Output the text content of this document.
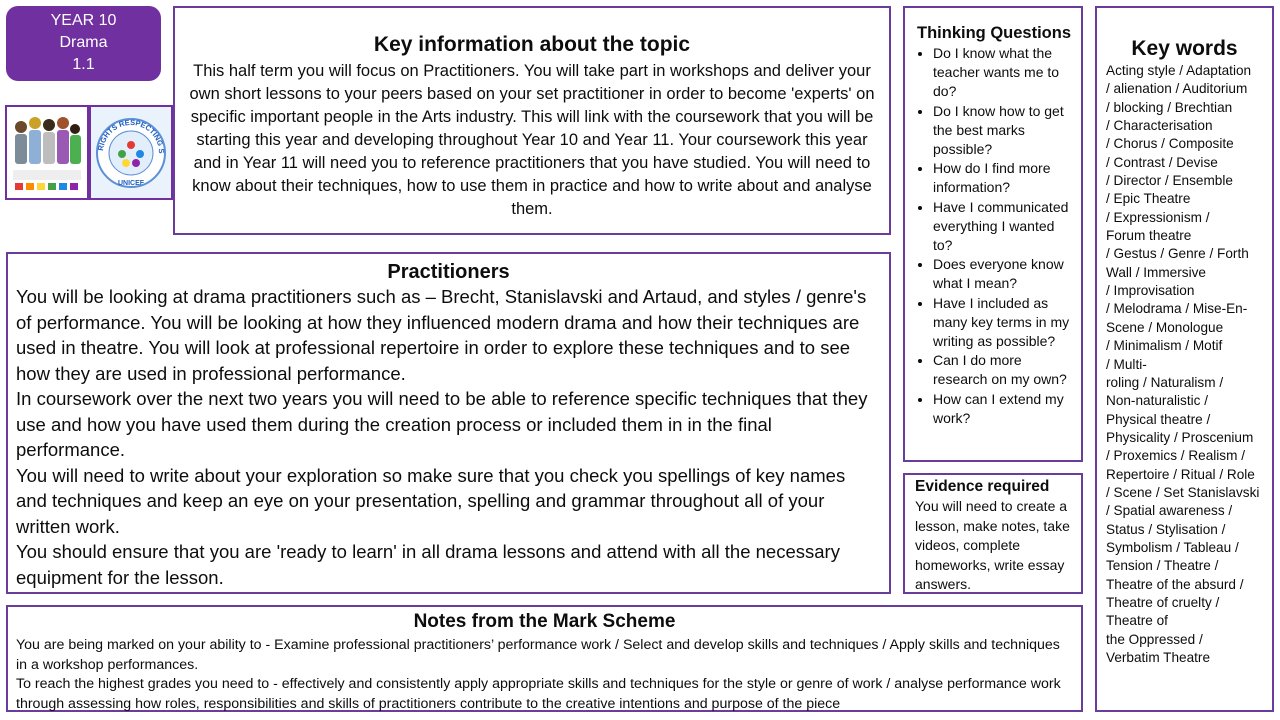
YEAR 10
Drama
1.1
RIGHTS RESPECTING S
UNICEF
Key information about the topic

This half term you will focus on Practitioners. You will take part in workshops and deliver your own short lessons to your peers based on your set practitioner in order to become 'experts' on specific important people in the Arts industry. This will link with the coursework that you will be starting this year and developing throughout Year 10 and Year 11. Your coursework this year and in Year 11 will need you to reference practitioners that you have studied. You will need to know about their techniques, how to use them in practice and how to write about and analyse them.

Practitioners
You will be looking at drama practitioners such as – Brecht, Stanislavski and Artaud, and styles / genre's of performance. You will be looking at how they influenced modern drama and how their techniques are used in theatre. You will look at professional repertoire in order to explore these techniques and to see how they are used in professional performance.
In coursework over the next two years you will need to be able to reference specific techniques that they use and how you have used them during the creation process or included them in in the final performance.
You will need to write about your exploration so make sure that you check you spellings of key names and techniques and keep an eye on your presentation, spelling and grammar throughout all of your written work.
You should ensure that you are 'ready to learn' in all drama lessons and attend with all the necessary equipment for the lesson.
Thinking Questions
• Do I know what the teacher wants me to do?
• Do I know how to get the best marks possible?
• How do I find more information?
• Have I communicated everything I wanted to?
• Does everyone know what I mean?
• Have I included as many key terms in my writing as possible?
• Can I do more research on my own?
• How can I extend my work?
Evidence required

You will need to create a lesson, make notes, take videos, complete homeworks, write essay answers.

Key words
Acting style / Adaptation
/ alienation / Auditorium
/ blocking / Brechtian
/ Characterisation
/ Chorus / Composite
/ Contrast / Devise
/ Director / Ensemble
/ Epic Theatre
/ Expressionism /
Forum theatre
/ Gestus / Genre / Forth
Wall / Immersive
/ Improvisation
/ Melodrama / Mise-En-
Scene / Monologue
/ Minimalism / Motif
/ Multi-
roling / Naturalism /
Non-naturalistic /
Physical theatre /
Physicality / Proscenium
/ Proxemics / Realism /
Repertoire / Ritual / Role
/ Scene / Set Stanislavski
/ Spatial awareness /
Status / Stylisation /
Symbolism / Tableau /
Tension / Theatre /
Theatre of the absurd /
Theatre of cruelty /
Theatre of
the Oppressed /
Verbatim Theatre
Notes from the Mark Scheme

You are being marked on your ability to - Examine professional practitioners’ performance work / Select and develop skills and techniques / Apply skills and techniques in a workshop performances.

To reach the highest grades you need to - effectively and consistently apply appropriate skills and techniques for the style or genre of work / analyse performance work through assessing how roles, responsibilities and skills of practitioners contribute to the creative intentions and purpose of the piece
